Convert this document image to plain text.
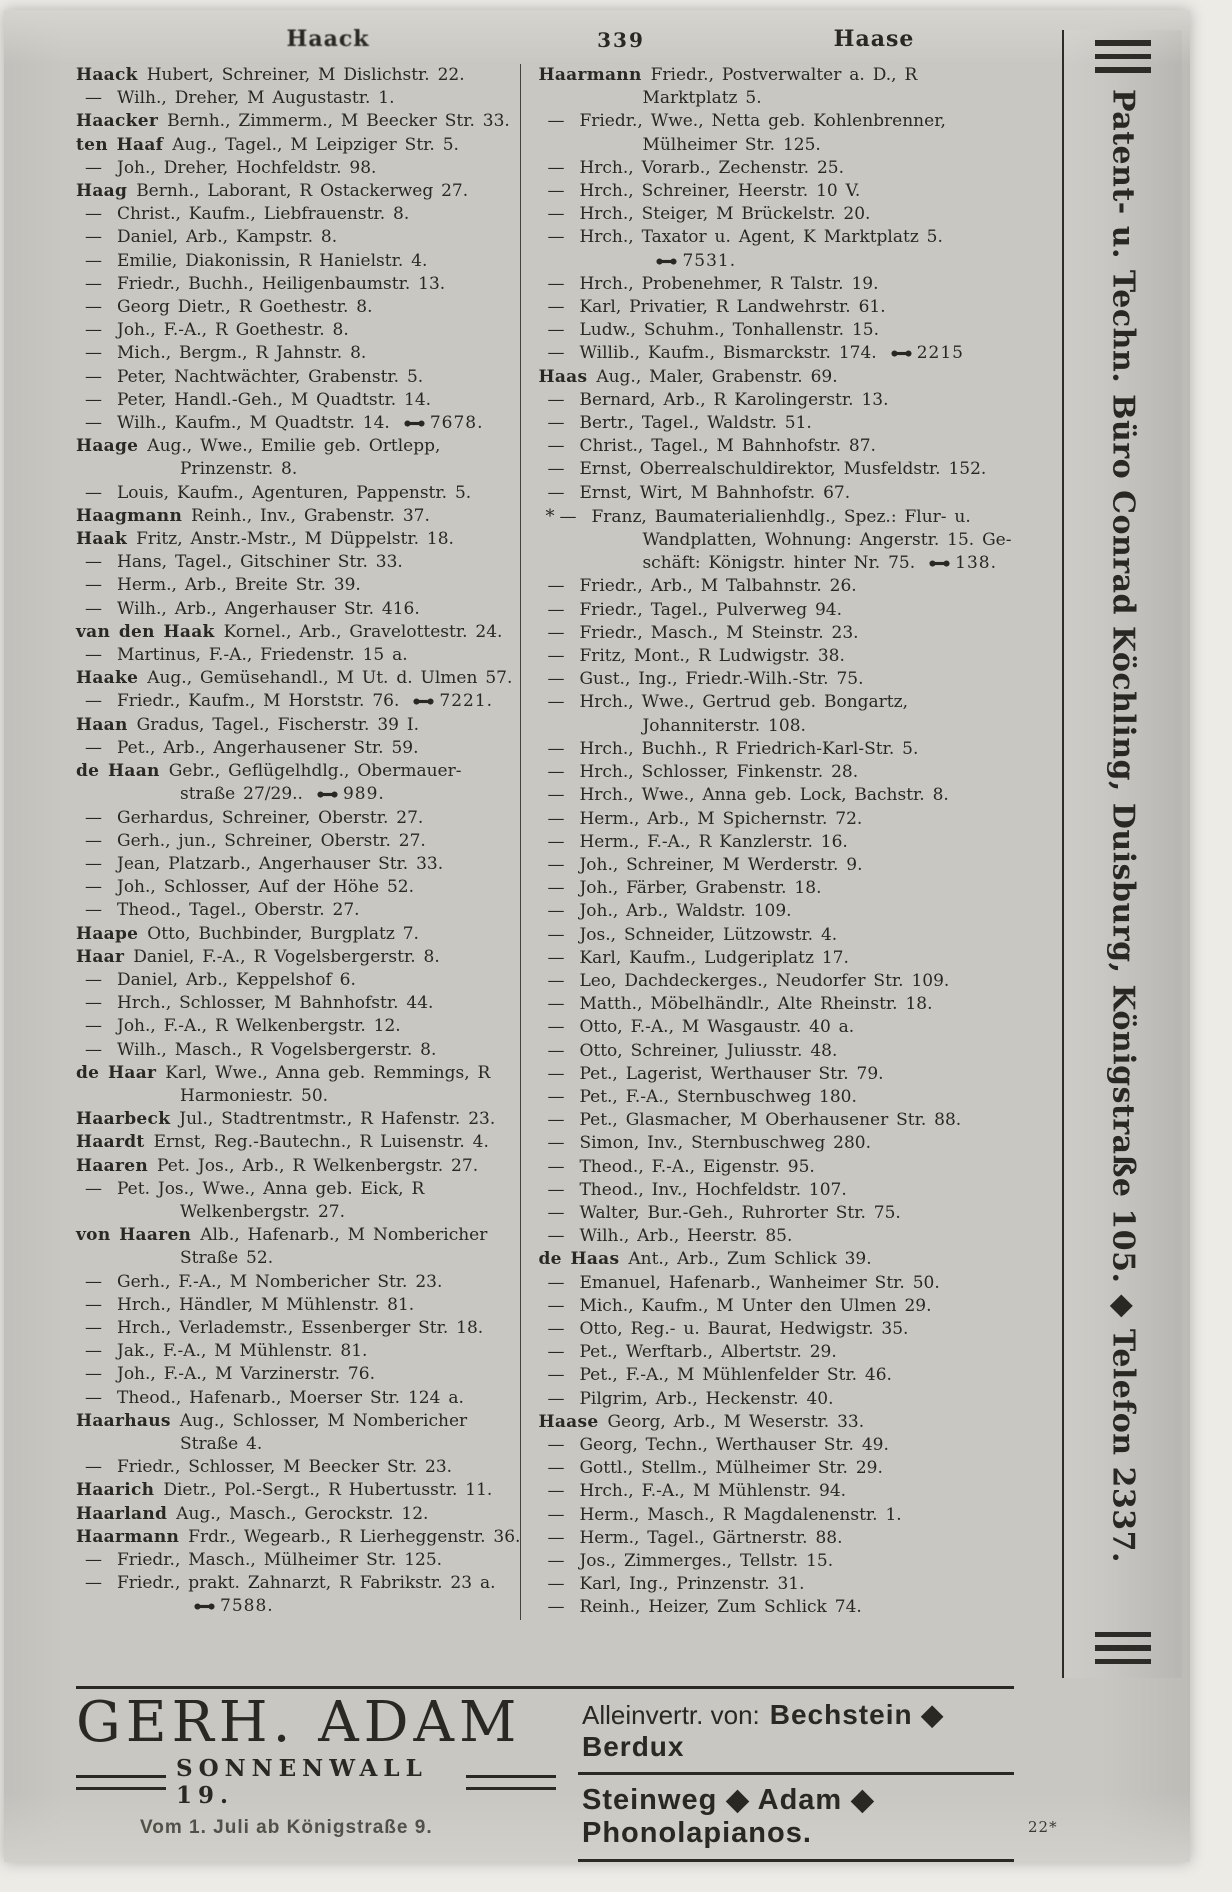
Haack	339	Haase
Haack Hubert, Schreiner, M Dislichstr. 22.
— Wilh., Dreher, M Augustastr. 1.
Haacker Bernh., Zimmerm., M Beecker Str. 33.
ten Haaf Aug., Tagel., M Leipziger Str. 5.
— Joh., Dreher, Hochfeldstr. 98.
Haag Bernh., Laborant, R Ostackerweg 27.
— Christ., Kaufm., Liebfrauenstr. 8.
— Daniel, Arb., Kampstr. 8.
— Emilie, Diakonissin, R Hanielstr. 4.
— Friedr., Buchh., Heiligenbaumstr. 13.
— Georg Dietr., R Goethestr. 8.
— Joh., F.-A., R Goethestr. 8.
— Mich., Bergm., R Jahnstr. 8.
— Peter, Nachtwächter, Grabenstr. 5.
— Peter, Handl.-Geh., M Quadtstr. 14.
— Wilh., Kaufm., M Quadtstr. 14. 7678.
Haage Aug., Wwe., Emilie geb. Ortlepp,
Prinzenstr. 8.
— Louis, Kaufm., Agenturen, Pappenstr. 5.
Haagmann Reinh., Inv., Grabenstr. 37.
Haak Fritz, Anstr.-Mstr., M Düppelstr. 18.
— Hans, Tagel., Gitschiner Str. 33.
— Herm., Arb., Breite Str. 39.
— Wilh., Arb., Angerhauser Str. 416.
van den Haak Kornel., Arb., Gravelottestr. 24.
— Martinus, F.-A., Friedenstr. 15 a.
Haake Aug., Gemüsehandl., M Ut. d. Ulmen 57.
— Friedr., Kaufm., M Horststr. 76. 7221.
Haan Gradus, Tagel., Fischerstr. 39 I.
— Pet., Arb., Angerhausener Str. 59.
de Haan Gebr., Geflügelhdlg., Obermauer-
straße 27/29.. 989.
— Gerhardus, Schreiner, Oberstr. 27.
— Gerh., jun., Schreiner, Oberstr. 27.
— Jean, Platzarb., Angerhauser Str. 33.
— Joh., Schlosser, Auf der Höhe 52.
— Theod., Tagel., Oberstr. 27.
Haape Otto, Buchbinder, Burgplatz 7.
Haar Daniel, F.-A., R Vogelsbergerstr. 8.
— Daniel, Arb., Keppelshof 6.
— Hrch., Schlosser, M Bahnhofstr. 44.
— Joh., F.-A., R Welkenbergstr. 12.
— Wilh., Masch., R Vogelsbergerstr. 8.
de Haar Karl, Wwe., Anna geb. Remmings, R
Harmoniestr. 50.
Haarbeck Jul., Stadtrentmstr., R Hafenstr. 23.
Haardt Ernst, Reg.-Bautechn., R Luisenstr. 4.
Haaren Pet. Jos., Arb., R Welkenbergstr. 27.
— Pet. Jos., Wwe., Anna geb. Eick, R
Welkenbergstr. 27.
von Haaren Alb., Hafenarb., M Nombericher
Straße 52.
— Gerh., F.-A., M Nombericher Str. 23.
— Hrch., Händler, M Mühlenstr. 81.
— Hrch., Verlademstr., Essenberger Str. 18.
— Jak., F.-A., M Mühlenstr. 81.
— Joh., F.-A., M Varzinerstr. 76.
— Theod., Hafenarb., Moerser Str. 124 a.
Haarhaus Aug., Schlosser, M Nombericher
Straße 4.
— Friedr., Schlosser, M Beecker Str. 23.
Haarich Dietr., Pol.-Sergt., R Hubertusstr. 11.
Haarland Aug., Masch., Gerockstr. 12.
Haarmann Frdr., Wegearb., R Lierheggenstr. 36.
— Friedr., Masch., Mülheimer Str. 125.
— Friedr., prakt. Zahnarzt, R Fabrikstr. 23 a.
7588.
Haarmann Friedr., Postverwalter a. D., R
Marktplatz 5.
— Friedr., Wwe., Netta geb. Kohlenbrenner,
Mülheimer Str. 125.
— Hrch., Vorarb., Zechenstr. 25.
— Hrch., Schreiner, Heerstr. 10 V.
— Hrch., Steiger, M Brückelstr. 20.
— Hrch., Taxator u. Agent, K Marktplatz 5.
7531.
— Hrch., Probenehmer, R Talstr. 19.
— Karl, Privatier, R Landwehrstr. 61.
— Ludw., Schuhm., Tonhallenstr. 15.
— Willib., Kaufm., Bismarckstr. 174. 2215
Haas Aug., Maler, Grabenstr. 69.
— Bernard, Arb., R Karolingerstr. 13.
— Bertr., Tagel., Waldstr. 51.
— Christ., Tagel., M Bahnhofstr. 87.
— Ernst, Oberrealschuldirektor, Musfeldstr. 152.
— Ernst, Wirt, M Bahnhofstr. 67.
* — Franz, Baumaterialienhdlg., Spez.: Flur- u.
Wandplatten, Wohnung: Angerstr. 15. Ge-
schäft: Königstr. hinter Nr. 75. 138.
— Friedr., Arb., M Talbahnstr. 26.
— Friedr., Tagel., Pulverweg 94.
— Friedr., Masch., M Steinstr. 23.
— Fritz, Mont., R Ludwigstr. 38.
— Gust., Ing., Friedr.-Wilh.-Str. 75.
— Hrch., Wwe., Gertrud geb. Bongartz,
Johanniterstr. 108.
— Hrch., Buchh., R Friedrich-Karl-Str. 5.
— Hrch., Schlosser, Finkenstr. 28.
— Hrch., Wwe., Anna geb. Lock, Bachstr. 8.
— Herm., Arb., M Spichernstr. 72.
— Herm., F.-A., R Kanzlerstr. 16.
— Joh., Schreiner, M Werderstr. 9.
— Joh., Färber, Grabenstr. 18.
— Joh., Arb., Waldstr. 109.
— Jos., Schneider, Lützowstr. 4.
— Karl, Kaufm., Ludgeriplatz 17.
— Leo, Dachdeckerges., Neudorfer Str. 109.
— Matth., Möbelhändlr., Alte Rheinstr. 18.
— Otto, F.-A., M Wasgaustr. 40 a.
— Otto, Schreiner, Juliusstr. 48.
— Pet., Lagerist, Werthauser Str. 79.
— Pet., F.-A., Sternbuschweg 180.
— Pet., Glasmacher, M Oberhausener Str. 88.
— Simon, Inv., Sternbuschweg 280.
— Theod., F.-A., Eigenstr. 95.
— Theod., Inv., Hochfeldstr. 107.
— Walter, Bur.-Geh., Ruhrorter Str. 75.
— Wilh., Arb., Heerstr. 85.
de Haas Ant., Arb., Zum Schlick 39.
— Emanuel, Hafenarb., Wanheimer Str. 50.
— Mich., Kaufm., M Unter den Ulmen 29.
— Otto, Reg.- u. Baurat, Hedwigstr. 35.
— Pet., Werftarb., Albertstr. 29.
— Pet., F.-A., M Mühlenfelder Str. 46.
— Pilgrim, Arb., Heckenstr. 40.
Haase Georg, Arb., M Weserstr. 33.
— Georg, Techn., Werthauser Str. 49.
— Gottl., Stellm., Mülheimer Str. 29.
— Hrch., F.-A., M Mühlenstr. 94.
— Herm., Masch., R Magdalenenstr. 1.
— Herm., Tagel., Gärtnerstr. 88.
— Jos., Zimmerges., Tellstr. 15.
— Karl, Ing., Prinzenstr. 31.
— Reinh., Heizer, Zum Schlick 74.
Patent- u. Techn. Büro Conrad Köchling, Duisburg, Königstraße 105. ◆ Telefon 2337.
GERH. ADAM
SONNENWALL 19.
Vom 1. Juli ab Königstraße 9.
Alleinvertr. von: Bechstein ◆ Berdux
Steinweg ◆ Adam ◆ Phonolapianos.	22*
